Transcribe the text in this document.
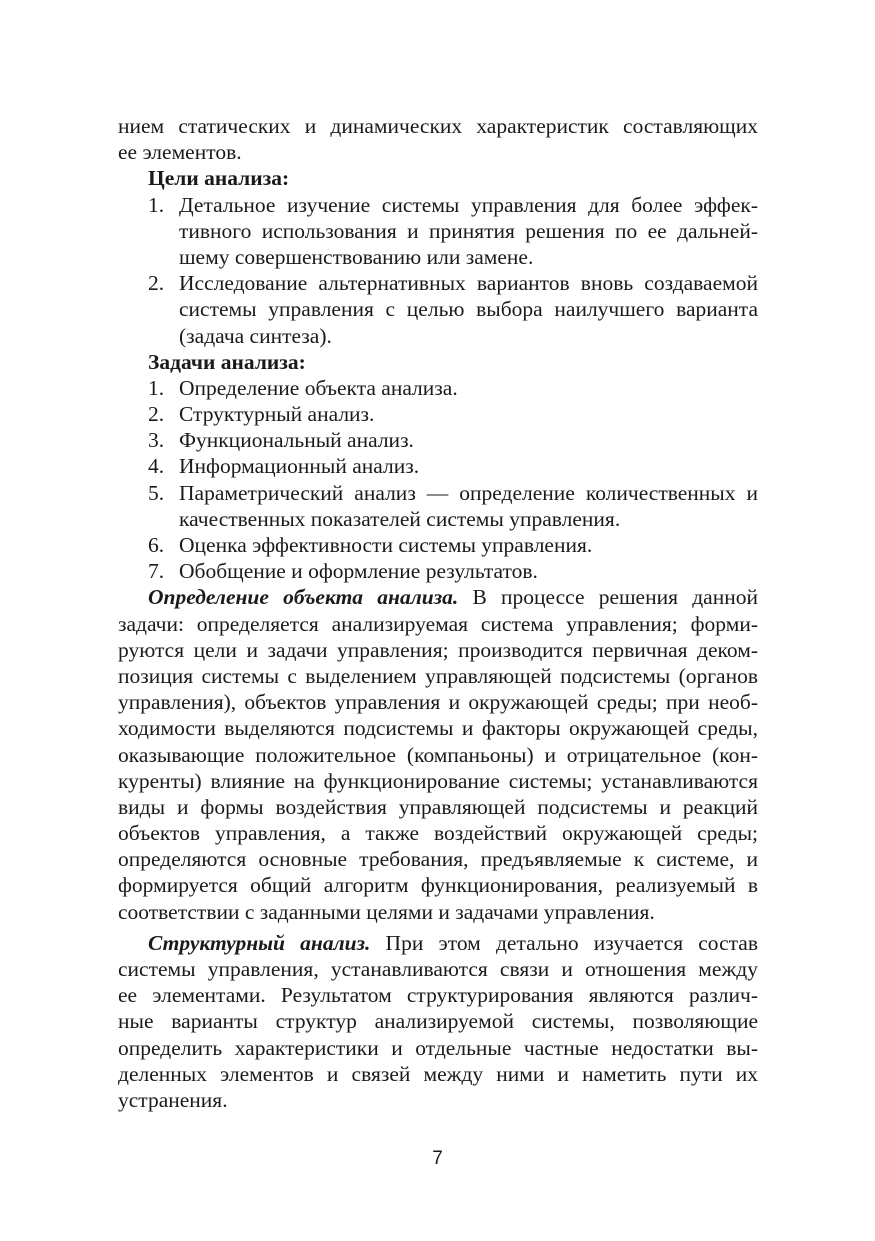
нием статических и динамических характеристик составляющих
ее элементов.
Цели анализа:
1. Детальное изучение системы управления для более эффек-
тивного использования и принятия решения по ее дальней-
шему совершенствованию или замене.
2. Исследование альтернативных вариантов вновь создаваемой
системы управления с целью выбора наилучшего варианта
(задача синтеза).
Задачи анализа:
1. Определение объекта анализа.
2. Структурный анализ.
3. Функциональный анализ.
4. Информационный анализ.
5. Параметрический анализ — определение количественных и
качественных показателей системы управления.
6. Оценка эффективности системы управления.
7. Обобщение и оформление результатов.
Определение объекта анализа. В процессе решения данной
задачи: определяется анализируемая система управления; форми-
руются цели и задачи управления; производится первичная деком-
позиция системы с выделением управляющей подсистемы (органов
управления), объектов управления и окружающей среды; при необ-
ходимости выделяются подсистемы и факторы окружающей среды,
оказывающие положительное (компаньоны) и отрицательное (кон-
куренты) влияние на функционирование системы; устанавливаются
виды и формы воздействия управляющей подсистемы и реакций
объектов управления, а также воздействий окружающей среды;
определяются основные требования, предъявляемые к системе, и
формируется общий алгоритм функционирования, реализуемый в
соответствии с заданными целями и задачами управления.
Структурный анализ. При этом детально изучается состав
системы управления, устанавливаются связи и отношения между
ее элементами. Результатом структурирования являются различ-
ные варианты структур анализируемой системы, позволяющие
определить характеристики и отдельные частные недостатки вы-
деленных элементов и связей между ними и наметить пути их
устранения.
7
